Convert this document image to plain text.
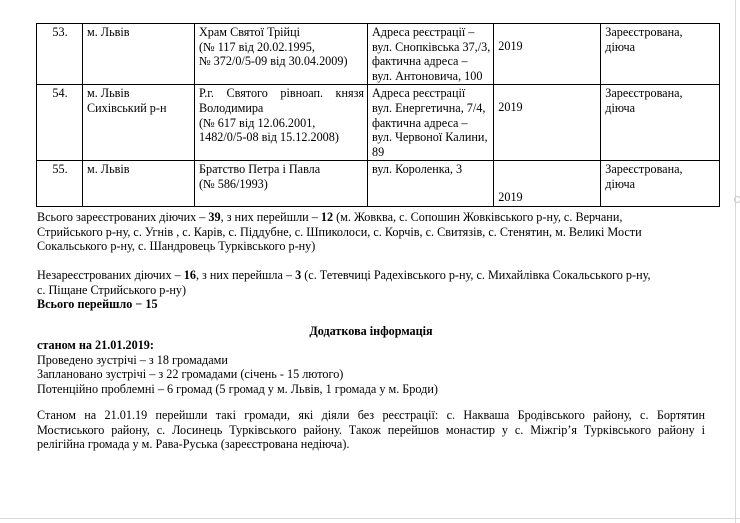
53.	м. Львів	Храм Святої Трійці
(№ 117 від 20.02.1995,
№ 372/0/5-09 від 30.04.2009)	Адреса реєстрації –
вул. Снопківська 37,/3,
фактична адреса –
вул. Антоновича, 100	2019	Зареєстрована,
діюча

54.	м. Львів
Сихівський р-н	Р.г. Святого рівноап. князя
Володимира
(№ 617 від 12.06.2001,
1482/0/5-08 від 15.12.2008)	Адреса реєстрації
вул. Енергетична, 7/4,
фактична адреса –
вул. Червоної Калини,
89	2019	Зареєстрована,
діюча

55.	м. Львів	Братство Петра і Павла
(№ 586/1993)	вул. Короленка, 3	2019	Зареєстрована,
діюча
Всього зареєстрованих діючих – 39, з них перейшли – 12 (м. Жовква, с. Сопошин Жовківського р-ну, с. Верчани,
Стрийського р-ну, с. Угнів , с. Карів, с. Піддубне, с. Шпиколоси, с. Корчів, с. Свитязів, с. Стенятин, м. Великі Мости
Сокальського р-ну, с. Шандровець Турківського р-ну)
Незареєстрованих діючих – 16, з них перейшла – 3 (с. Тетевчиці Радехівського р-ну, с. Михайлівка Сокальського р-ну,
с. Піщане Стрийського р-ну)
Всього перейшло − 15
Додаткова інформація
станом на 21.01.2019:
Проведено зустрічі – з 18 громадами
Заплановано зустрічі – з 22 громадами (січень - 15 лютого)
Потенційно проблемні – 6 громад (5 громад у м. Львів, 1 громада у м. Броди)
Станом на 21.01.19 перейшли такі громади, які діяли без реєстрації: с. Накваша Бродівського району, с. Бортятин
Мостиського району, с. Лосинець Турківського району. Також перейшов монастир у с. Міжгір’я Турківського району і
релігійна громада у м. Рава-Руська (зареєстрована недіюча).
